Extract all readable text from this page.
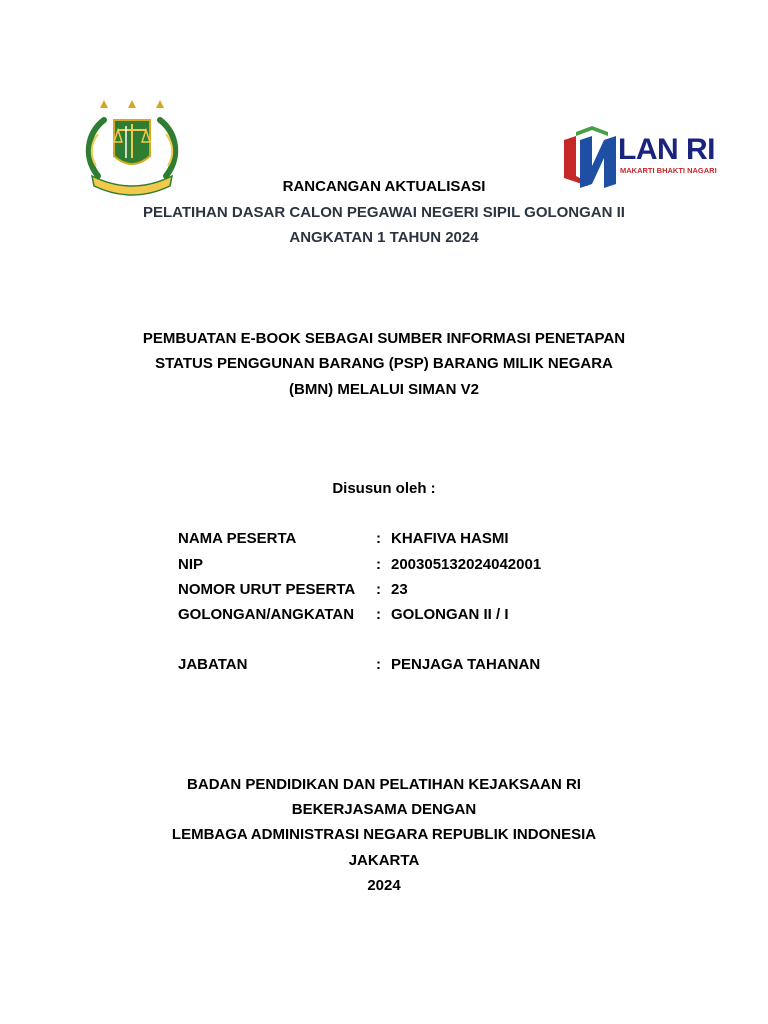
LAN RI
MAKARTI BHAKTI NAGARI
RANCANGAN AKTUALISASI
PELATIHAN DASAR CALON PEGAWAI NEGERI SIPIL GOLONGAN II
ANGKATAN 1 TAHUN 2024
PEMBUATAN E-BOOK SEBAGAI SUMBER INFORMASI PENETAPAN
STATUS PENGGUNAN BARANG (PSP) BARANG MILIK NEGARA
(BMN) MELALUI SIMAN V2
Disusun oleh :
NAMA PESERTA	: KHAFIVA HASMI
NIP	: 200305132024042001
NOMOR URUT PESERTA : 23
GOLONGAN/ANGKATAN : GOLONGAN II / I
JABATAN	: PENJAGA TAHANAN
BADAN PENDIDIKAN DAN PELATIHAN KEJAKSAAN RI
BEKERJASAMA DENGAN
LEMBAGA ADMINISTRASI NEGARA REPUBLIK INDONESIA
JAKARTA
2024
